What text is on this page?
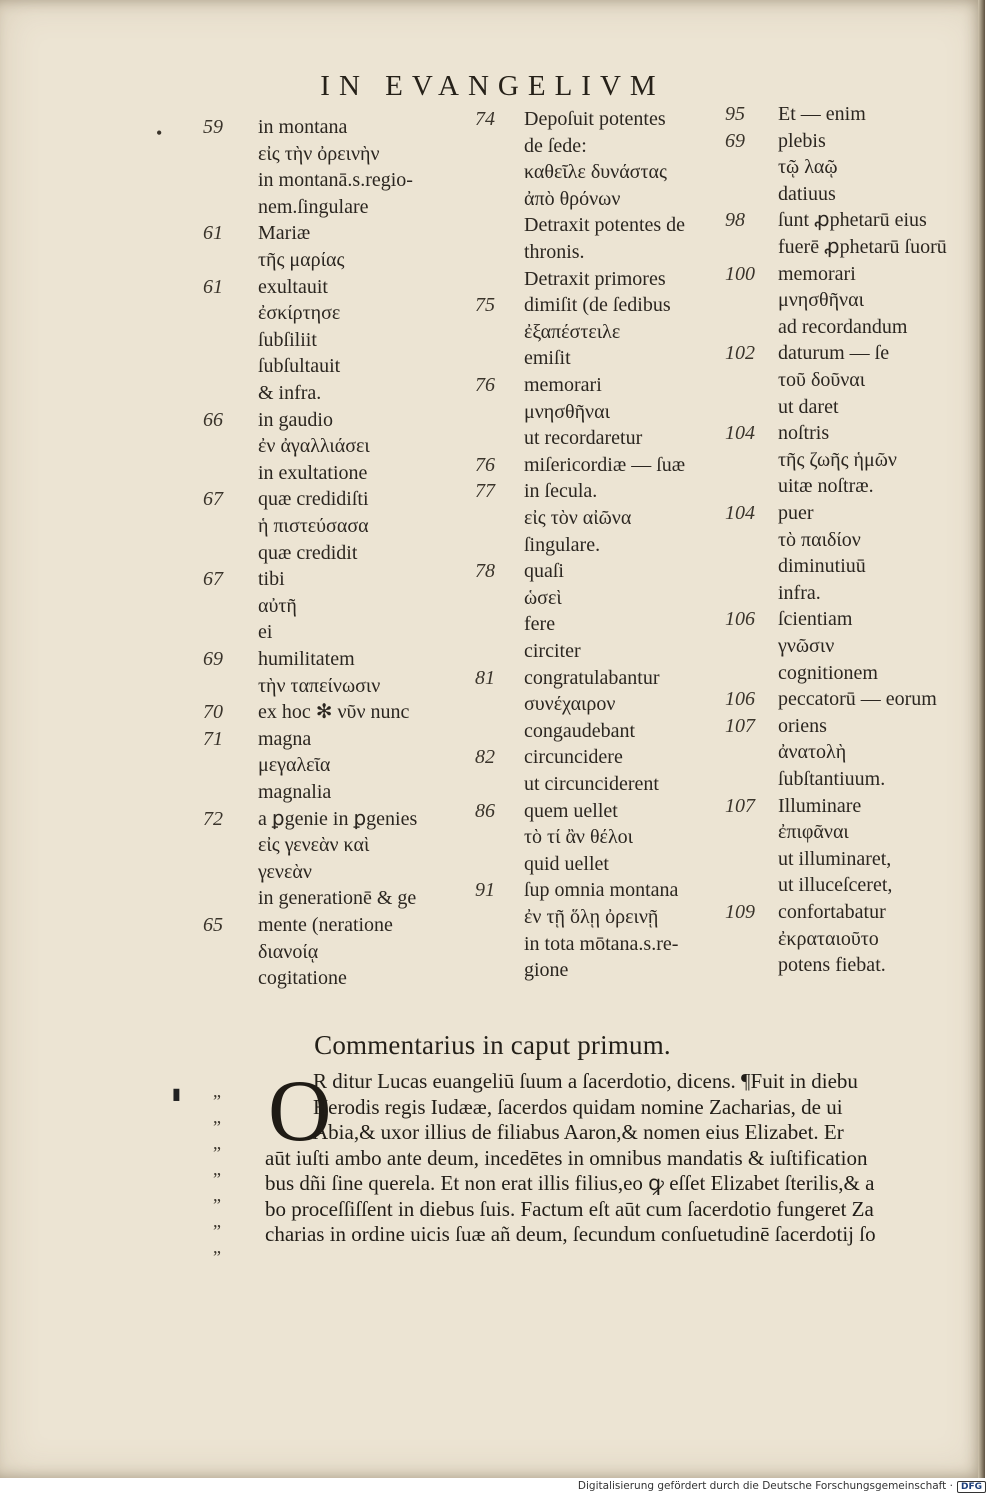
IN EVANGELIVM
• 59 in montana
εἰς τὴν ὀρεινὴν
in montanā.s.regio-
nem.ſingulare
61 Mariæ
τῆς μαρίας
61 exultauit
ἐσκίρτησε
ſubſiliit
ſubſultauit
& infra.
66 in gaudio
ἐν ἀγαλλιάσει
in exultatione
67 quæ credidiſti
ἡ πιστεύσασα
quæ credidit
67 tibi
αὐτῆ
ei
69 humilitatem
τὴν ταπείνωσιν
70 ex hoc ✻ νῦν nunc
71 magna
μεγαλεῖα
magnalia
72 a ꝑgenie in ꝑgenies
εἰς γενεὰν καὶ
γενεὰν
in generationē & ge
65 mente (neratione
διανοίᾳ
cogitatione
74 Depoſuit potentes
de ſede:
καθεῖλε δυνάστας
ἀπὸ θρόνων
Detraxit potentes de
thronis.
Detraxit primores
75 dimiſit (de ſedibus
ἐξαπέστειλε
emiſit
76 memorari
μνησθῆναι
ut recordaretur
76 miſericordiæ — ſuæ
77 in ſecula.
εἰς τὸν αἰῶνα
ſingulare.
78 quaſi
ὡσεὶ
fere
circiter
81 congratulabantur
συνέχαιρον
congaudebant
82 circuncidere
ut circunciderent
86 quem uellet
τὸ τί ἂν θέλοι
quid uellet
91 ſup omnia montana
ἐν τῇ ὅλῃ ὀρεινῇ
in tota mōtana.s.re-
gione
95 Et — enim
69 plebis
τῷ λαῷ
datiuus
98 ſunt ꝓphetarū eius
fuerē ꝓphetarū ſuorū
100 memorari
μνησθῆναι
ad recordandum
102 daturum — ſe
τοῦ δοῦναι
ut daret
104 noſtris
τῆς ζωῆς ἡμῶν
uitæ noſtræ.
104 puer
τὸ παιδίον
diminutiuū
infra.
106 ſcientiam
γνῶσιν
cognitionem
106 peccatorū — eorum
107 oriens
ἀνατολὴ
ſubſtantiuum.
107 Illuminare
ἐπιφᾶναι
ut illuminaret,
ut illuceſceret,
109 confortabatur
ἐκραταιοῦτο
potens fiebat.
Commentarius in caput primum.
▮ „
„
„
„
„
„
„
O
R ditur Lucas euangeliū ſuum a ſacerdotio, dicens. ¶Fuit in diebu
Herodis regis Iudææ, ſacerdos quidam nomine Zacharias, de ui
Abia,& uxor illius de filiabus Aaron,& nomen eius Elizabet. Er
aūt iuſti ambo ante deum, incedētes in omnibus mandatis & iuſtification
bus dñi ſine querela. Et non erat illis filius,eo ꝙ eſſet Elizabet ſterilis,& a
bo proceſſiſſent in diebus ſuis. Factum eſt aūt cum ſacerdotio fungeret Za
charias in ordine uicis ſuæ añ deum, ſecundum conſuetudinē ſacerdotij ſo
Digitalisierung gefördert durch die Deutsche Forschungsgemeinschaft · DFG
